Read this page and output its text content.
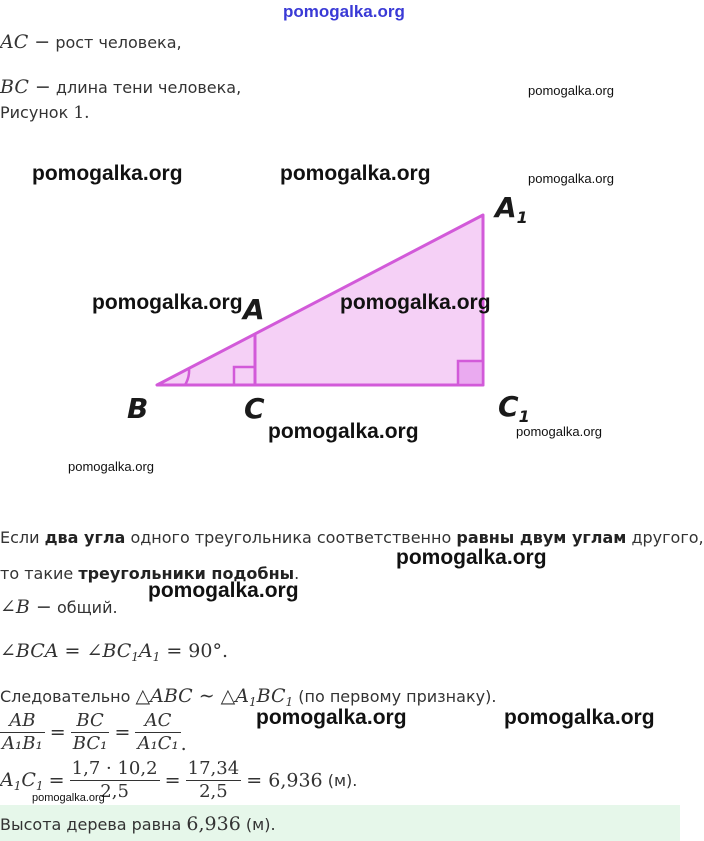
pomogalka.org
AC − рост человека,
BC − длина тени человека,
Рисунок 1.
B	C	$C_1$
A
$A_1$
Если два угла одного треугольника соответственно равны двум углам другого,
то такие треугольники подобны.
∠B − общий.
∠BCA = $\angle BC_1A_1 = 90^\circ$.
Следовательно △ABC ∼ $\triangle A_1BC_1$ (по первому признаку).
$\frac{AB}{\text{A₁B₁}} = \frac{BC}{\text{BC₁}} = \frac{AC}{\text{A₁C₁}}$ .
$A_1C_1 = \frac{1,7 \cdot 10,2}{2,5} = \frac{17,34}{2,5} = 6,936$ (м).
Высота дерева равна 6,936 (м).
pomogalka.org
pomogalka.org	pomogalka.org	pomogalka.org
pomogalka.org	pomogalka.org
pomogalka.org	pomogalka.org
pomogalka.org
pomogalka.org
pomogalka.org
pomogalka.org	pomogalka.org
pomogalka.org
